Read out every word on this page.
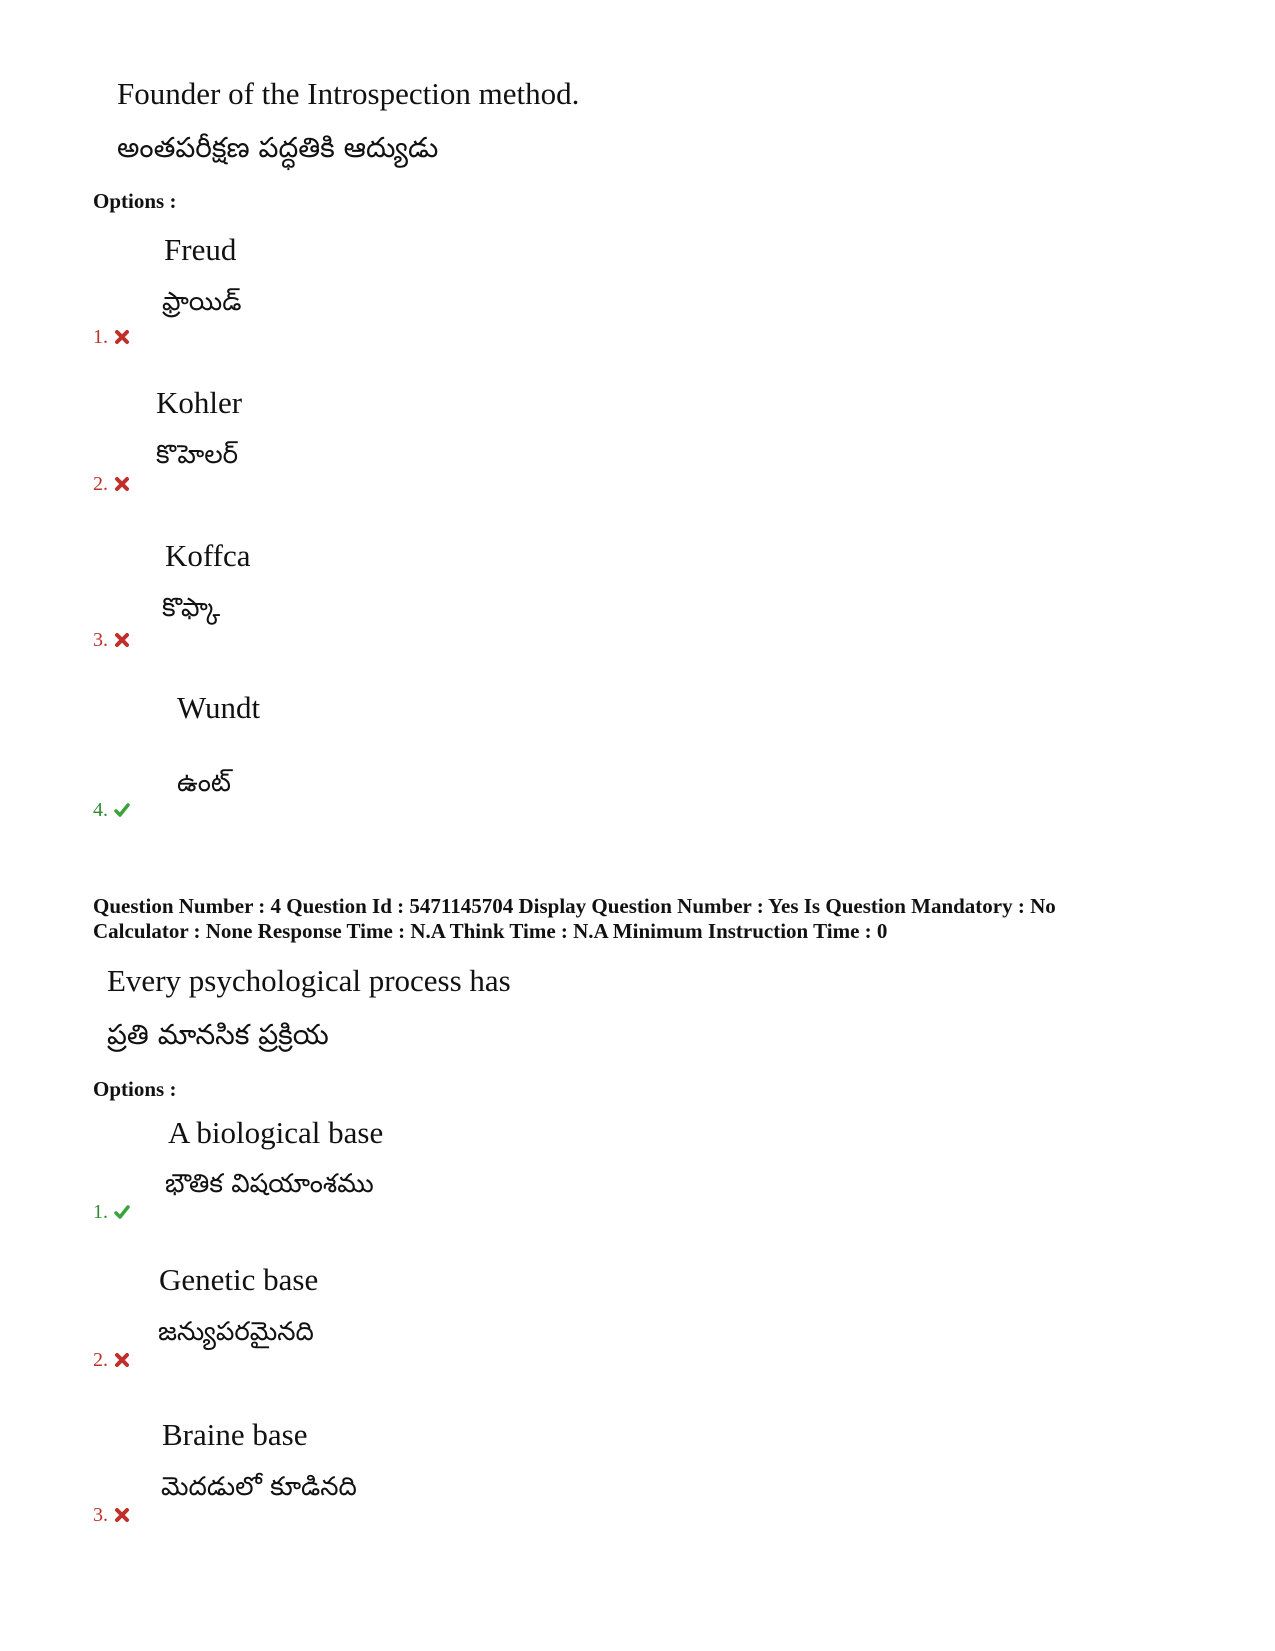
Founder of the Introspection method.
అంతపరీక్షణ పద్ధతికి ఆద్యుడు
Options :
Freud
ఫ్రాయిడ్
1.
Kohler
కొహెలర్
2.
Koffca
కొఫ్కా
3.
Wundt
ఉంట్
4.
Question Number : 4 Question Id : 5471145704 Display Question Number : Yes Is Question Mandatory : No
Calculator : None Response Time : N.A Think Time : N.A Minimum Instruction Time : 0
Every psychological process has
ప్రతి మానసిక ప్రక్రియ
Options :
A biological base
భౌతిక విషయాంశము
1.
Genetic base
జన్యుపరమైనది
2.
Braine base
మెదడులో కూడినది
3.
